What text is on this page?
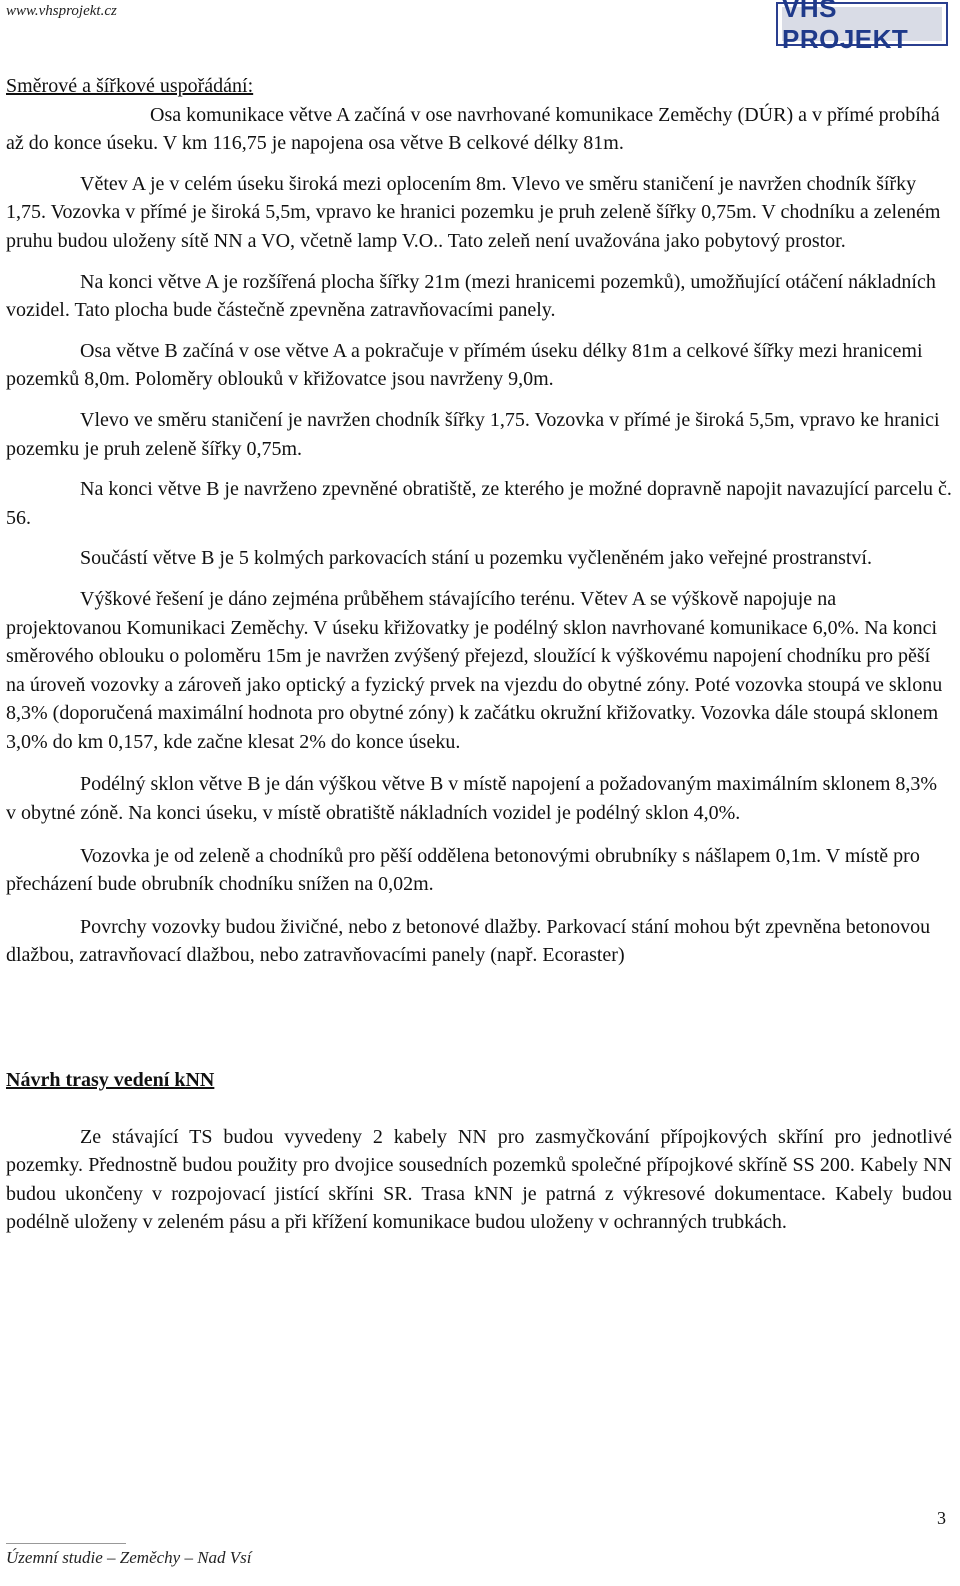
www.vhsprojekt.cz	VHS PROJEKT
Směrové a šířkové uspořádání:

Osa komunikace větve A začíná v ose navrhované komunikace Zeměchy (DÚR) a v přímé probíhá až do konce úseku. V km 116,75 je napojena osa větve B celkové délky 81m.

Větev A je v celém úseku široká mezi oplocením 8m. Vlevo ve směru staničení je navržen chodník šířky 1,75. Vozovka v přímé je široká 5,5m, vpravo ke hranici pozemku je pruh zeleně šířky 0,75m. V chodníku a zeleném pruhu budou uloženy sítě NN a VO, včetně lamp V.O.. Tato zeleň není uvažována jako pobytový prostor.

Na konci větve A je rozšířená plocha šířky 21m (mezi hranicemi pozemků), umožňující otáčení nákladních vozidel. Tato plocha bude částečně zpevněna zatravňovacími panely.

Osa větve B začíná v ose větve A a pokračuje v přímém úseku délky 81m a celkové šířky mezi hranicemi pozemků 8,0m. Poloměry oblouků v křižovatce jsou navrženy 9,0m.

Vlevo ve směru staničení je navržen chodník šířky 1,75. Vozovka v přímé je široká 5,5m, vpravo ke hranici pozemku je pruh zeleně šířky 0,75m.

Na konci větve B je navrženo zpevněné obratiště, ze kterého je možné dopravně napojit navazující parcelu č. 56.

Součástí větve B je 5 kolmých parkovacích stání u pozemku vyčleněném jako veřejné prostranství.

Výškové řešení je dáno zejména průběhem stávajícího terénu. Větev A se výškově napojuje na projektovanou Komunikaci Zeměchy. V úseku křižovatky je podélný sklon navrhované komunikace 6,0%. Na konci směrového oblouku o poloměru 15m je navržen zvýšený přejezd, sloužící k výškovému napojení chodníku pro pěší na úroveň vozovky a zároveň jako optický a fyzický prvek na vjezdu do obytné zóny. Poté vozovka stoupá ve sklonu 8,3% (doporučená maximální hodnota pro obytné zóny) k začátku okružní křižovatky. Vozovka dále stoupá sklonem 3,0% do km 0,157, kde začne klesat 2% do konce úseku.

Podélný sklon větve B je dán výškou větve B v místě napojení a požadovaným maximálním sklonem 8,3% v obytné zóně. Na konci úseku, v místě obratiště nákladních vozidel je podélný sklon 4,0%.

Vozovka je od zeleně a chodníků pro pěší oddělena betonovými obrubníky s nášlapem 0,1m. V místě pro přecházení bude obrubník chodníku snížen na 0,02m.

Povrchy vozovky budou živičné, nebo z betonové dlažby. Parkovací stání mohou být zpevněna betonovou dlažbou, zatravňovací dlažbou, nebo zatravňovacími panely (např. Ecoraster)

Návrh trasy vedení kNN

Ze stávající TS budou vyvedeny 2 kabely NN pro zasmyčkování přípojkových skříní pro jednotlivé pozemky. Přednostně budou použity pro dvojice sousedních pozemků společné přípojkové skříně SS 200. Kabely NN budou ukončeny v rozpojovací jistící skříni SR. Trasa kNN je patrná z výkresové dokumentace. Kabely budou podélně uloženy v zeleném pásu a při křížení komunikace budou uloženy v ochranných trubkách.

3
Územní studie – Zeměchy – Nad Vsí
